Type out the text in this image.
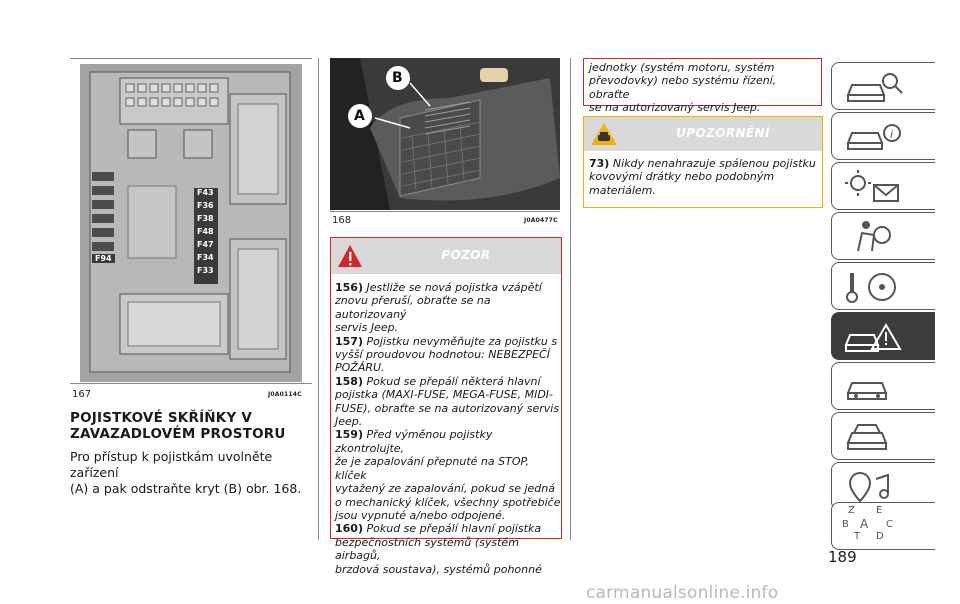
F43
F36
F38
F48
F47
F34
F33
F94
167	J0A0114C
POJISTKOVÉ SKŘÍŇKY V
ZAVAZADLOVÉM PROSTORU
Pro přístup k pojistkám uvolněte zařízení
(A) a pak odstraňte kryt (B) obr. 168.
A
B
168	J0A0477C
POZOR
156) Jestliže se nová pojistka vzápětí
znovu přeruší, obraťte se na autorizovaný
servis Jeep.
157) Pojistku nevyměňujte za pojistku s
vyšší proudovou hodnotou: NEBEZPEČÍ
POŽÁRU.
158) Pokud se přepálí některá hlavní
pojistka (MAXI-FUSE, MEGA-FUSE, MIDI-
FUSE), obraťte se na autorizovaný servis
Jeep.
159) Před výměnou pojistky zkontrolujte,
že je zapalování přepnuté na STOP, klíček
vytažený ze zapalování, pokud se jedná
o mechanický klíček, všechny spotřebiče
jsou vypnuté a/nebo odpojené.
160) Pokud se přepálí hlavní pojistka
bezpečnostních systémů (systém airbagů,
brzdová soustava), systémů pohonné
jednotky (systém motoru, systém
převodovky) nebo systému řízení, obraťte
se na autorizovaný servis Jeep.
UPOZORNĚNÍ
73) Nikdy nenahrazuje spálenou pojistku
kovovými drátky nebo podobným
materiálem.
i
Z E
B A C
T D
189
carmanualsonline.info
